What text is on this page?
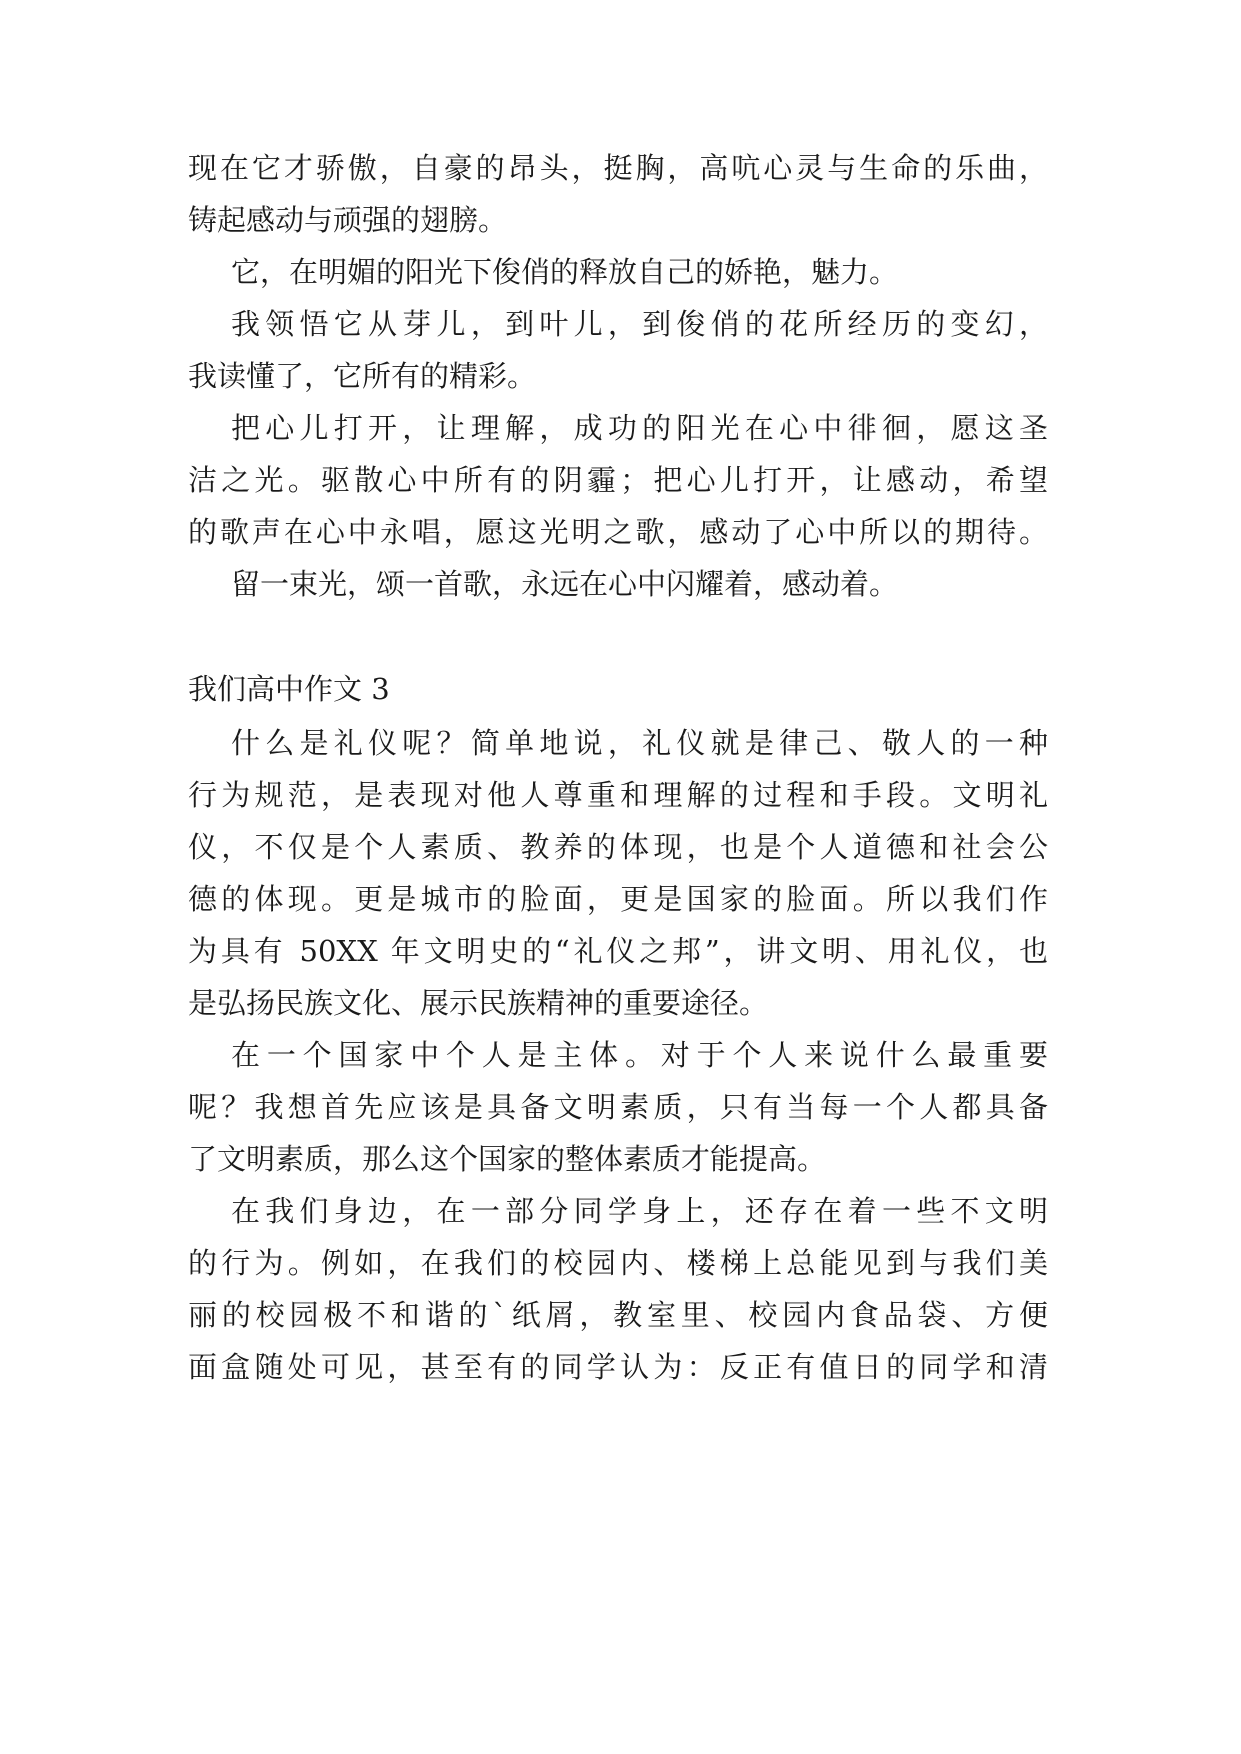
现在它才骄傲，自豪的昂头，挺胸，高吭心灵与生命的乐曲，
铸起感动与顽强的翅膀。
它，在明媚的阳光下俊俏的释放自己的娇艳，魅力。
我领悟它从芽儿，到叶儿，到俊俏的花所经历的变幻，
我读懂了，它所有的精彩。
把心儿打开，让理解，成功的阳光在心中徘徊，愿这圣
洁之光。驱散心中所有的阴霾；把心儿打开，让感动，希望
的歌声在心中永唱，愿这光明之歌，感动了心中所以的期待。
留一束光，颂一首歌，永远在心中闪耀着，感动着。
我们高中作文 3
什么是礼仪呢？简单地说，礼仪就是律己、敬人的一种
行为规范，是表现对他人尊重和理解的过程和手段。文明礼
仪，不仅是个人素质、教养的体现，也是个人道德和社会公
德的体现。更是城市的脸面，更是国家的脸面。所以我们作
为具有 50XX 年文明史的“礼仪之邦”，讲文明、用礼仪，也
是弘扬民族文化、展示民族精神的重要途径。
在一个国家中个人是主体。对于个人来说什么最重要
呢？我想首先应该是具备文明素质，只有当每一个人都具备
了文明素质，那么这个国家的整体素质才能提高。
在我们身边，在一部分同学身上，还存在着一些不文明
的行为。例如，在我们的校园内、楼梯上总能见到与我们美
丽的校园极不和谐的`纸屑，教室里、校园内食品袋、方便
面盒随处可见，甚至有的同学认为：反正有值日的同学和清
